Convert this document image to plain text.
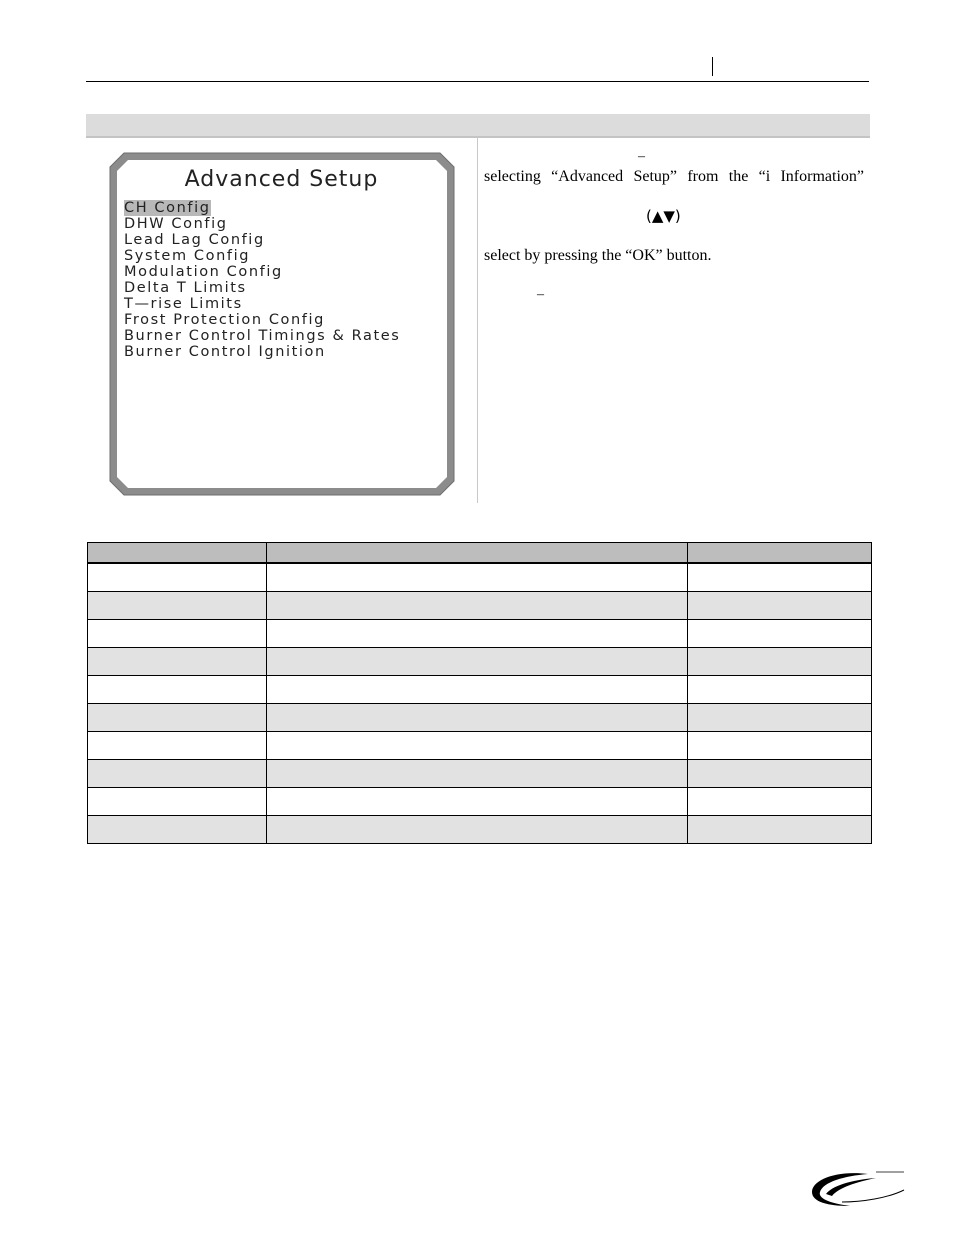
Advanced Setup
CH Config
DHW Config
Lead Lag Config
System Config
Modulation Config
Delta T Limits
T—rise Limits
Frost Protection Config
Burner Control Timings & Rates
Burner Control Ignition
–
selecting “Advanced Setup” from the “i Information”
(▲▼)
select by pressing the “OK” button.
–
